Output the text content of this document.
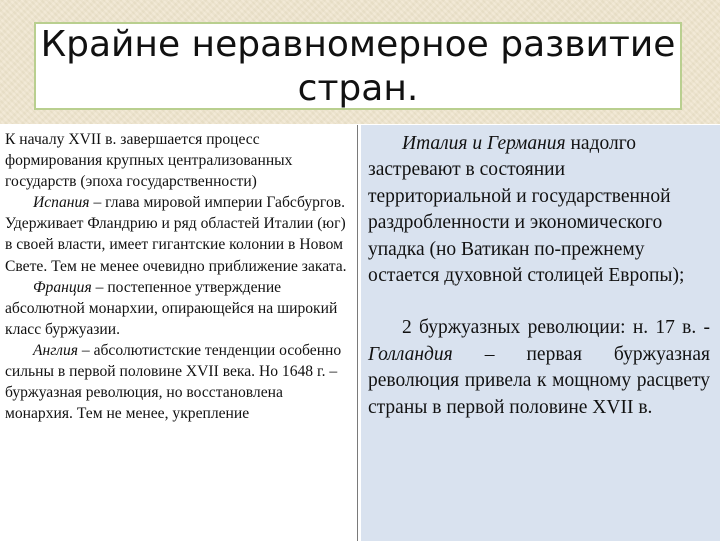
Крайне неравномерное развитие
стран.

К началу XVII в. завершается процесс формирования крупных централизованных государств (эпоха государственности)

Испания – глава мировой империи Габсбургов. Удерживает Фландрию и ряд областей Италии (юг) в своей власти, имеет гигантские колонии в Новом Свете. Тем не менее очевидно приближение заката.

Франция – постепенное утверждение абсолютной монархии, опирающейся на широкий класс буржуазии.

Англия – абсолютистские тенденции особенно сильны в первой половине XVII века. Но 1648 г. – буржуазная революция, но восстановлена монархия. Тем не менее, укрепление

Италия и Германия надолго застревают в состоянии территориальной и государственной раздробленности и экономического упадка (но Ватикан по-прежнему остается духовной столицей Европы);

2 буржуазных революции: н. 17 в. - Голландия – первая буржуазная революция привела к мощному расцвету страны в первой половине XVII в.
